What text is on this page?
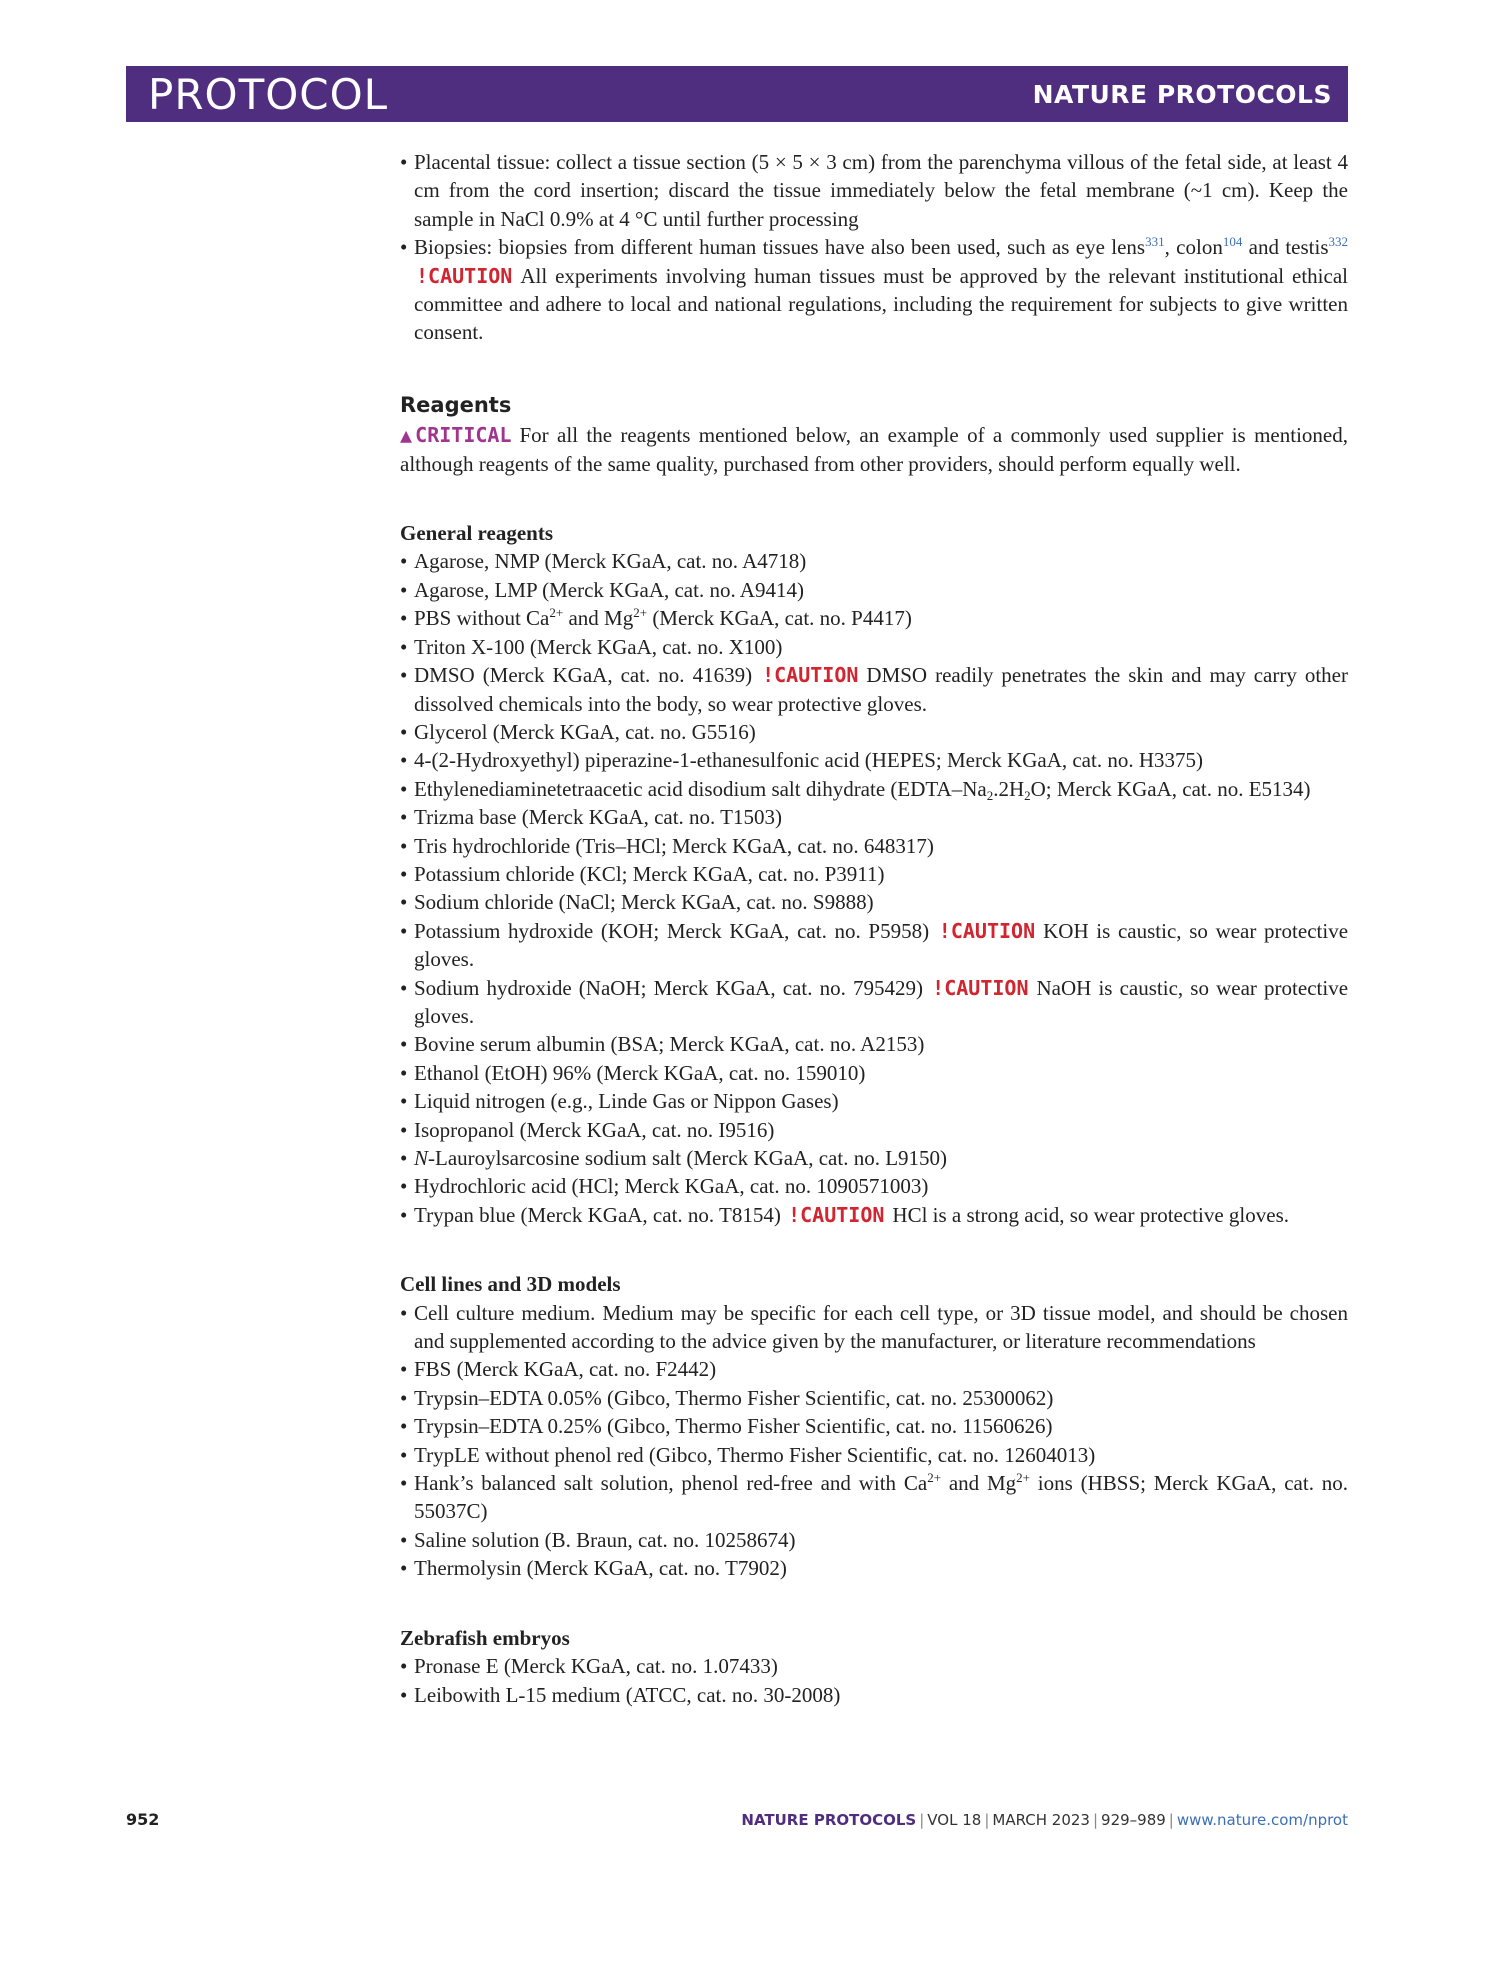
PROTOCOL	NATURE PROTOCOLS
• Placental tissue: collect a tissue section (5 × 5 × 3 cm) from the parenchyma villous of the fetal side, at least 4 cm from the cord insertion; discard the tissue immediately below the fetal membrane (~1 cm). Keep the sample in NaCl 0.9% at 4 °C until further processing
• Biopsies: biopsies from different human tissues have also been used, such as eye lens$^{331}$, colon$^{104}$ and testis$^{332}$ !CAUTION All experiments involving human tissues must be approved by the relevant institutional ethical committee and adhere to local and national regulations, including the requirement for subjects to give written consent.
Reagents
▲CRITICAL For all the reagents mentioned below, an example of a commonly used supplier is mentioned, although reagents of the same quality, purchased from other providers, should perform equally well.
General reagents
• Agarose, NMP (Merck KGaA, cat. no. A4718)
• Agarose, LMP (Merck KGaA, cat. no. A9414)
• PBS without $Ca^{2+}$ and $Mg^{2+}$ (Merck KGaA, cat. no. P4417)
• Triton X-100 (Merck KGaA, cat. no. X100)
• DMSO (Merck KGaA, cat. no. 41639) !CAUTION DMSO readily penetrates the skin and may carry other dissolved chemicals into the body, so wear protective gloves.
• Glycerol (Merck KGaA, cat. no. G5516)
• 4-(2-Hydroxyethyl) piperazine-1-ethanesulfonic acid (HEPES; Merck KGaA, cat. no. H3375)
• Ethylenediaminetetraacetic acid disodium salt dihydrate ($EDTA-Na_2.2H_2O$; Merck KGaA, cat. no. E5134)
• Trizma base (Merck KGaA, cat. no. T1503)
• Tris hydrochloride (Tris–HCl; Merck KGaA, cat. no. 648317)
• Potassium chloride (KCl; Merck KGaA, cat. no. P3911)
• Sodium chloride (NaCl; Merck KGaA, cat. no. S9888)
• Potassium hydroxide (KOH; Merck KGaA, cat. no. P5958) !CAUTION KOH is caustic, so wear protective gloves.
• Sodium hydroxide (NaOH; Merck KGaA, cat. no. 795429) !CAUTION NaOH is caustic, so wear protective gloves.
• Bovine serum albumin (BSA; Merck KGaA, cat. no. A2153)
• Ethanol (EtOH) 96% (Merck KGaA, cat. no. 159010)
• Liquid nitrogen (e.g., Linde Gas or Nippon Gases)
• Isopropanol (Merck KGaA, cat. no. I9516)
• N-Lauroylsarcosine sodium salt (Merck KGaA, cat. no. L9150)
• Hydrochloric acid (HCl; Merck KGaA, cat. no. 1090571003)
• Trypan blue (Merck KGaA, cat. no. T8154) !CAUTION HCl is a strong acid, so wear protective gloves.
Cell lines and 3D models
• Cell culture medium. Medium may be specific for each cell type, or 3D tissue model, and should be chosen and supplemented according to the advice given by the manufacturer, or literature recommendations
• FBS (Merck KGaA, cat. no. F2442)
• Trypsin–EDTA 0.05% (Gibco, Thermo Fisher Scientific, cat. no. 25300062)
• Trypsin–EDTA 0.25% (Gibco, Thermo Fisher Scientific, cat. no. 11560626)
• TrypLE without phenol red (Gibco, Thermo Fisher Scientific, cat. no. 12604013)
• Hank’s balanced salt solution, phenol red-free and with $Ca^{2+}$ and $Mg^{2+}$ ions (HBSS; Merck KGaA, cat. no. 55037C)
• Saline solution (B. Braun, cat. no. 10258674)
• Thermolysin (Merck KGaA, cat. no. T7902)
Zebrafish embryos
• Pronase E (Merck KGaA, cat. no. 1.07433)
• Leibowith L-15 medium (ATCC, cat. no. 30-2008)
952	NATURE PROTOCOLS | VOL 18 | MARCH 2023 | 929–989 | www.nature.com/nprot
